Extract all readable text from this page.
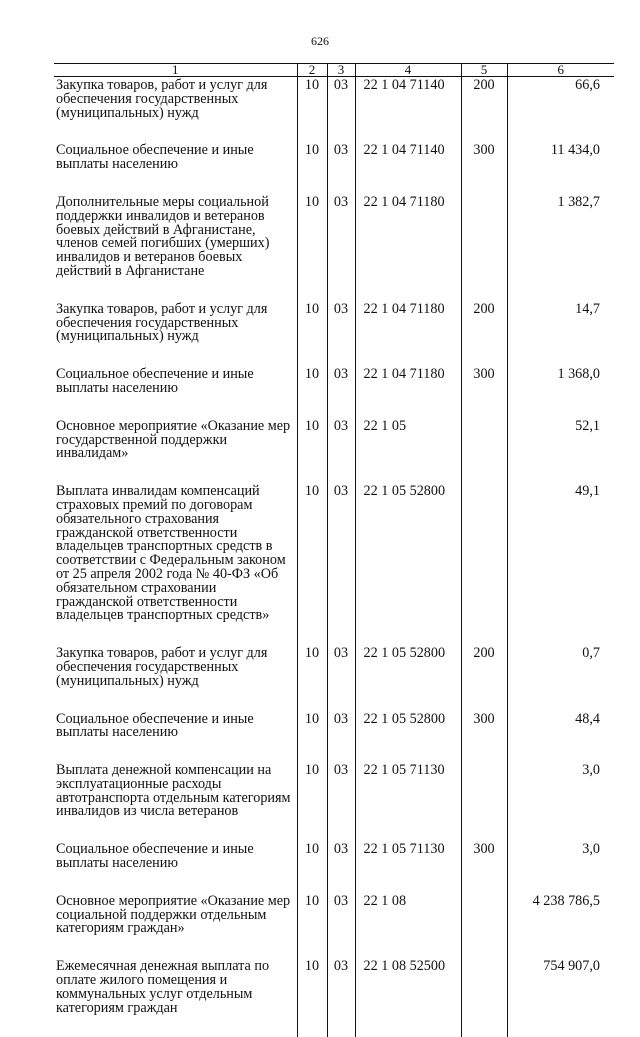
626
1	2	3	4	5	6
Закупка товаров, работ и услуг для обеспечения государственных (муниципальных) нужд	10	03	22 1 04 71140	200	66,6
Социальное обеспечение и иные выплаты населению	10	03	22 1 04 71140	300	11 434,0
Дополнительные меры социальной поддержки инвалидов и ветеранов боевых действий в Афганистане, членов семей погибших (умерших) инвалидов и ветеранов боевых действий в Афганистане	10	03	22 1 04 71180		1 382,7
Закупка товаров, работ и услуг для обеспечения государственных (муниципальных) нужд	10	03	22 1 04 71180	200	14,7
Социальное обеспечение и иные выплаты населению	10	03	22 1 04 71180	300	1 368,0
Основное мероприятие «Оказание мер государственной поддержки инвалидам»	10	03	22 1 05		52,1
Выплата инвалидам компенсаций страховых премий по договорам обязательного страхования гражданской ответственности владельцев транспортных средств в соответствии с Федеральным законом от 25 апреля 2002 года № 40-ФЗ «Об обязательном страховании гражданской ответственности владельцев транспортных средств»	10	03	22 1 05 52800		49,1
Закупка товаров, работ и услуг для обеспечения государственных (муниципальных) нужд	10	03	22 1 05 52800	200	0,7
Социальное обеспечение и иные выплаты населению	10	03	22 1 05 52800	300	48,4
Выплата денежной компенсации на эксплуатационные расходы автотранспорта отдельным категориям инвалидов из числа ветеранов	10	03	22 1 05 71130		3,0
Социальное обеспечение и иные выплаты населению	10	03	22 1 05 71130	300	3,0
Основное мероприятие «Оказание мер социальной поддержки отдельным категориям граждан»	10	03	22 1 08		4 238 786,5
Ежемесячная денежная выплата по оплате жилого помещения и коммунальных услуг отдельным категориям граждан	10	03	22 1 08 52500		754 907,0
